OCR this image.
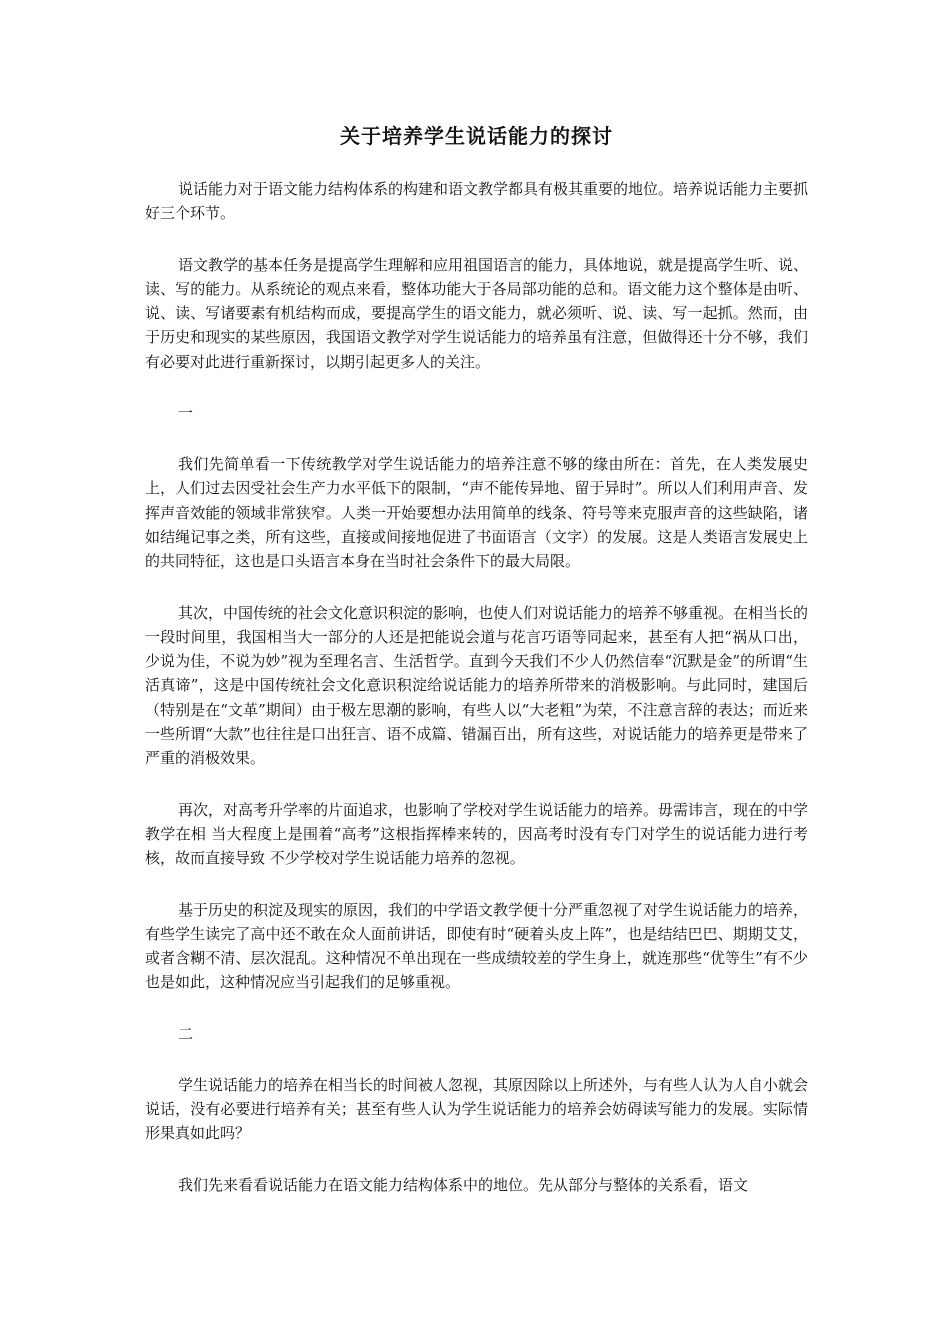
关于培养学生说话能力的探讨
说话能力对于语文能力结构体系的构建和语文教学都具有极其重要的地位。培养说话能力主要抓好三个环节。
语文教学的基本任务是提高学生理解和应用祖国语言的能力，具体地说，就是提高学生听、说、读、写的能力。从系统论的观点来看，整体功能大于各局部功能的总和。语文能力这个整体是由听、说、读、写诸要素有机结构而成，要提高学生的语文能力，就必须听、说、读、写一起抓。然而，由于历史和现实的某些原因，我国语文教学对学生说话能力的培养虽有注意，但做得还十分不够，我们有必要对此进行重新探讨，以期引起更多人的关注。
一
我们先简单看一下传统教学对学生说话能力的培养注意不够的缘由所在：首先，在人类发展史上，人们过去因受社会生产力水平低下的限制，“声不能传异地、留于异时”。所以人们利用声音、发挥声音效能的领域非常狭窄。人类一开始要想办法用简单的线条、符号等来克服声音的这些缺陷，诸如结绳记事之类，所有这些，直接或间接地促进了书面语言（文字）的发展。这是人类语言发展史上的共同特征，这也是口头语言本身在当时社会条件下的最大局限。
其次，中国传统的社会文化意识积淀的影响，也使人们对说话能力的培养不够重视。在相当长的一段时间里，我国相当大一部分的人还是把能说会道与花言巧语等同起来，甚至有人把“祸从口出，少说为佳，不说为妙”视为至理名言、生活哲学。直到今天我们不少人仍然信奉“沉默是金”的所谓“生活真谛”，这是中国传统社会文化意识积淀给说话能力的培养所带来的消极影响。与此同时，建国后（特别是在“文革”期间）由于极左思潮的影响，有些人以“大老粗”为荣，不注意言辞的表达；而近来一些所谓“大款”也往往是口出狂言、语不成篇、错漏百出，所有这些，对说话能力的培养更是带来了严重的消极效果。
再次，对高考升学率的片面追求，也影响了学校对学生说话能力的培养。毋需讳言，现在的中学教学在相 当大程度上是围着“高考”这根指挥棒来转的，因高考时没有专门对学生的说话能力进行考核，故而直接导致 不少学校对学生说话能力培养的忽视。
基于历史的积淀及现实的原因，我们的中学语文教学便十分严重忽视了对学生说话能力的培养，有些学生读完了高中还不敢在众人面前讲话，即使有时“硬着头皮上阵”，也是结结巴巴、期期艾艾，或者含糊不清、层次混乱。这种情况不单出现在一些成绩较差的学生身上，就连那些“优等生”有不少也是如此，这种情况应当引起我们的足够重视。
二
学生说话能力的培养在相当长的时间被人忽视，其原因除以上所述外，与有些人认为人自小就会说话，没有必要进行培养有关；甚至有些人认为学生说话能力的培养会妨碍读写能力的发展。实际情形果真如此吗？
我们先来看看说话能力在语文能力结构体系中的地位。先从部分与整体的关系看，语文
